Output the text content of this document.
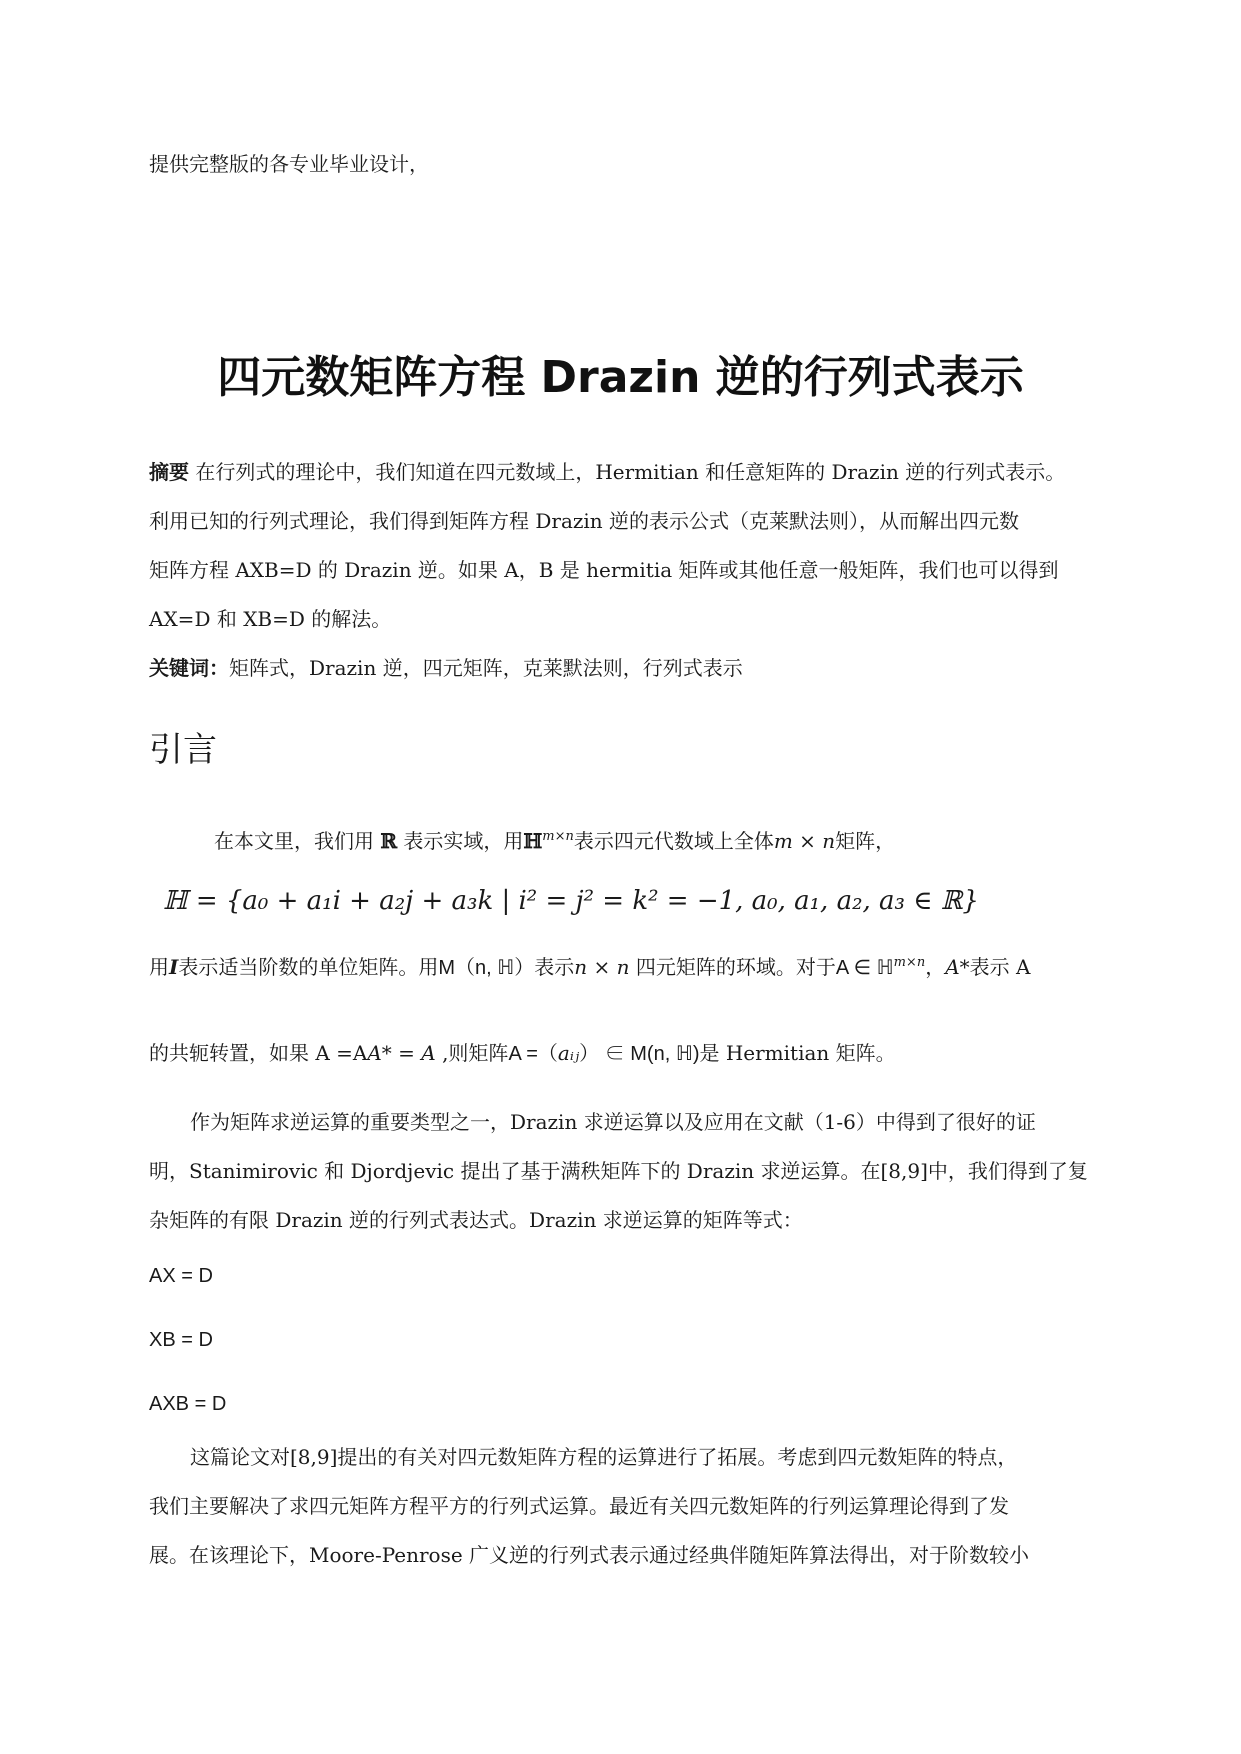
提供完整版的各专业毕业设计，
四元数矩阵方程 Drazin 逆的行列式表示
摘要 在行列式的理论中，我们知道在四元数域上，Hermitian 和任意矩阵的 Drazin 逆的行列式表示。
利用已知的行列式理论，我们得到矩阵方程 Drazin 逆的表示公式（克莱默法则），从而解出四元数
矩阵方程 AXB=D 的 Drazin 逆。如果 A，B 是 hermitia 矩阵或其他任意一般矩阵，我们也可以得到
AX=D 和 XB=D 的解法。
关键词：矩阵式，Drazin 逆，四元矩阵，克莱默法则，行列式表示
引言
在本文里，我们用 ℝ 表示实域，用ℍ$^{m\times n}$表示四元代数域上全体m × n矩阵，
ℍ = {a₀ + a₁i + a₂j + a₃k | i² = j² = k² = −1, a₀, a₁, a₂, a₃ ∈ ℝ}
用I表示适当阶数的单位矩阵。用M（n, ℍ）表示n × n 四元矩阵的环域。对于A ∈ ℍ$^{m\times n}$，A*表示 A
的共轭转置，如果 A =AA* = A ,则矩阵A =（aᵢⱼ） ∈ M(n, ℍ)是 Hermitian 矩阵。
作为矩阵求逆运算的重要类型之一，Drazin 求逆运算以及应用在文献（1-6）中得到了很好的证
明，Stanimirovic 和 Djordjevic 提出了基于满秩矩阵下的 Drazin 求逆运算。在[8,9]中，我们得到了复
杂矩阵的有限 Drazin 逆的行列式表达式。Drazin 求逆运算的矩阵等式：
AX = D
XB = D
AXB = D
这篇论文对[8,9]提出的有关对四元数矩阵方程的运算进行了拓展。考虑到四元数矩阵的特点，
我们主要解决了求四元矩阵方程平方的行列式运算。最近有关四元数矩阵的行列运算理论得到了发
展。在该理论下，Moore-Penrose 广义逆的行列式表示通过经典伴随矩阵算法得出，对于阶数较小
